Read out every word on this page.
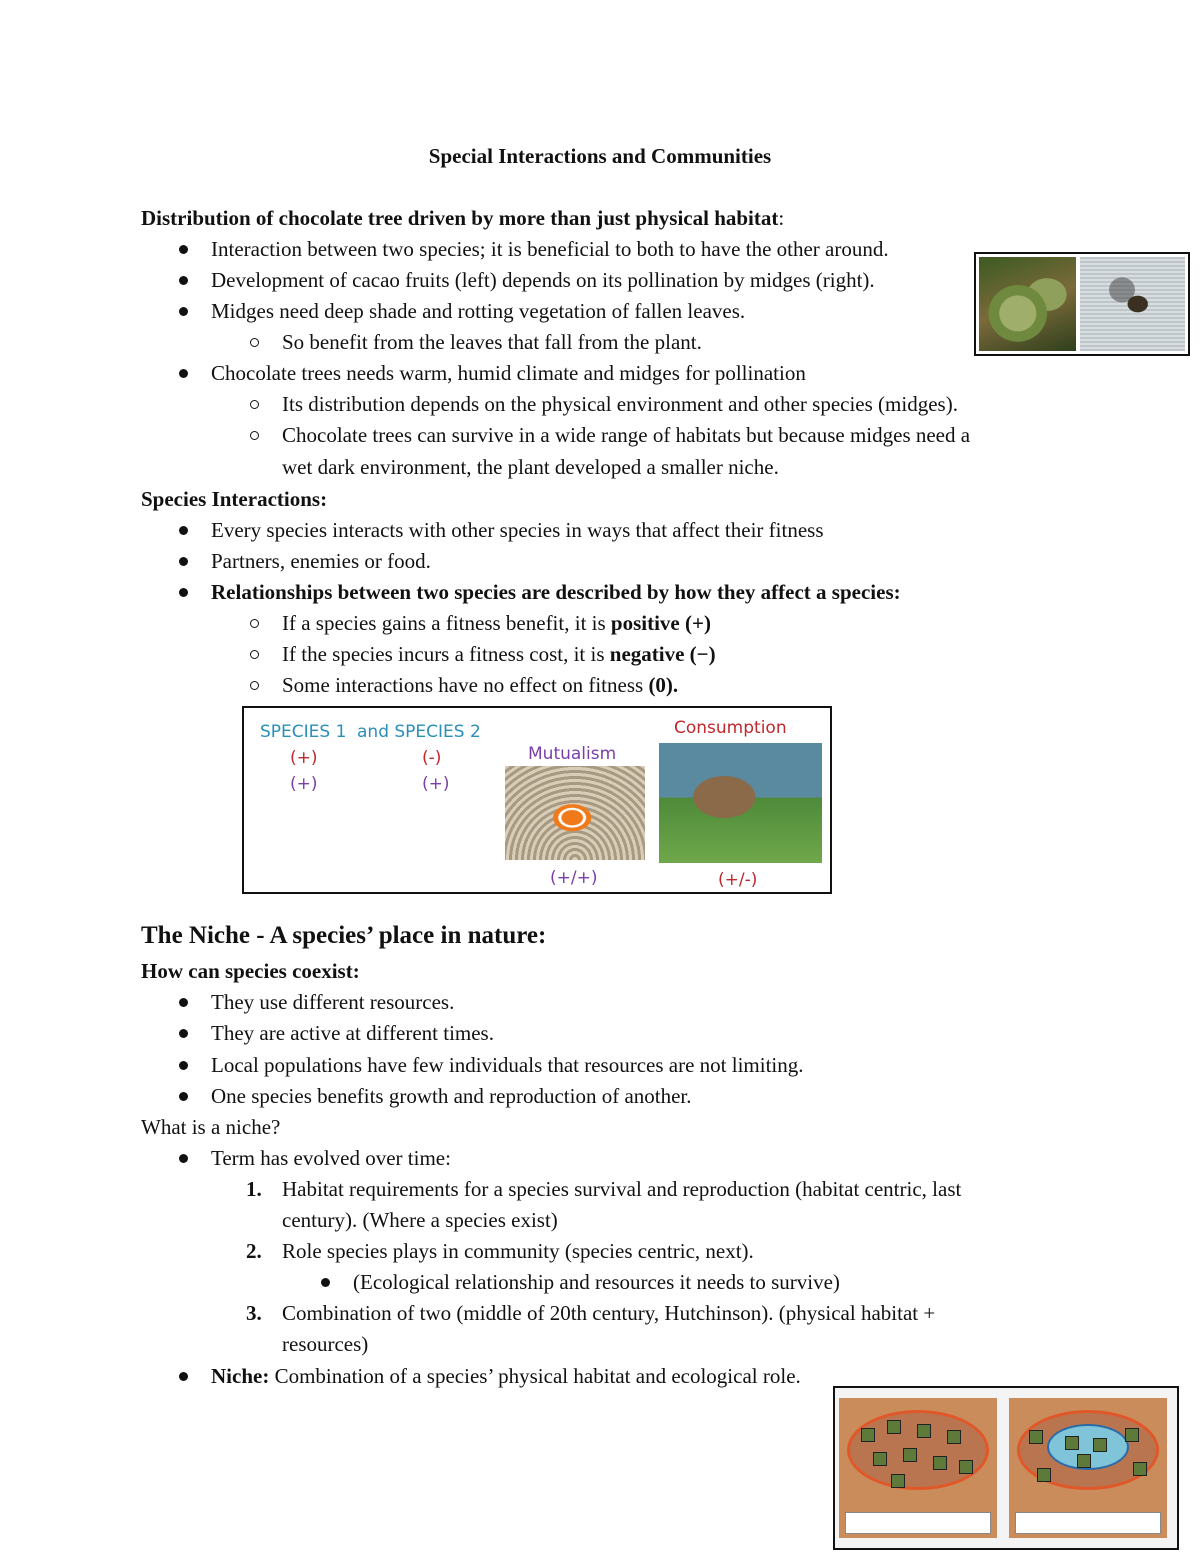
Special Interactions and Communities
Distribution of chocolate tree driven by more than just physical habitat:
Interaction between two species; it is beneficial to both to have the other around.
Development of cacao fruits (left) depends on its pollination by midges (right).
Midges need deep shade and rotting vegetation of fallen leaves.
So benefit from the leaves that fall from the plant.
Chocolate trees needs warm, humid climate and midges for pollination
Its distribution depends on the physical environment and other species (midges).
Chocolate trees can survive in a wide range of habitats but because midges need a
wet dark environment, the plant developed a smaller niche.
Species Interactions:
Every species interacts with other species in ways that affect their fitness
Partners, enemies or food.
Relationships between two species are described by how they affect a species:
If a species gains a fitness benefit, it is positive (+)
If the species incurs a fitness cost, it is negative (−)
Some interactions have no effect on fitness (0).
SPECIES 1 and SPECIES 2
(+)	(-)
(+)	(+)
Mutualism
(+/+)
Consumption
(+/-)
The Niche - A species’ place in nature:
How can species coexist:
They use different resources.
They are active at different times.
Local populations have few individuals that resources are not limiting.
One species benefits growth and reproduction of another.
What is a niche?
Term has evolved over time:
1. Habitat requirements for a species survival and reproduction (habitat centric, last
century). (Where a species exist)
2. Role species plays in community (species centric, next).
(Ecological relationship and resources it needs to survive)
3. Combination of two (middle of 20th century, Hutchinson). (physical habitat +
resources)
Niche: Combination of a species’ physical habitat and ecological role.
